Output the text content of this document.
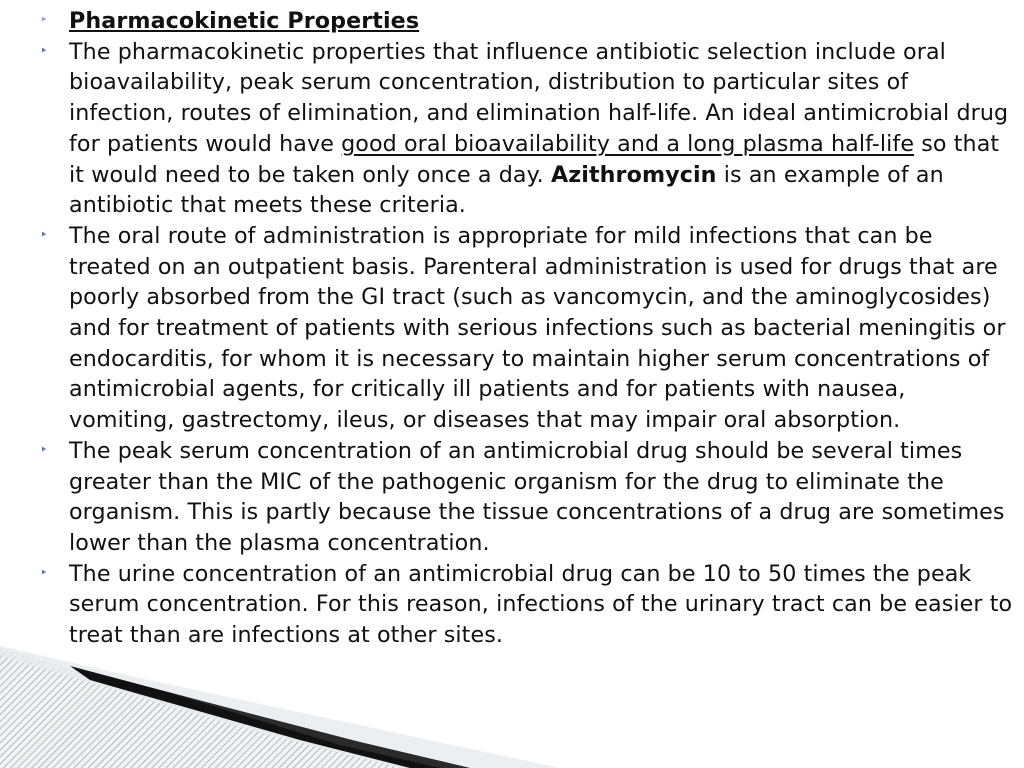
‣ Pharmacokinetic Properties
‣ The pharmacokinetic properties that influence antibiotic selection include oral bioavailability, peak serum concentration, distribution to particular sites of infection, routes of elimination, and elimination half-life. An ideal antimicrobial drug for patients would have good oral bioavailability and a long plasma half-life so that it would need to be taken only once a day. Azithromycin is an example of an antibiotic that meets these criteria.
‣ The oral route of administration is appropriate for mild infections that can be treated on an outpatient basis. Parenteral administration is used for drugs that are poorly absorbed from the GI tract (such as vancomycin, and the aminoglycosides) and for treatment of patients with serious infections such as bacterial meningitis or endocarditis, for whom it is necessary to maintain higher serum concentrations of antimicrobial agents, for critically ill patients and for patients with nausea, vomiting, gastrectomy, ileus, or diseases that may impair oral absorption.
‣ The peak serum concentration of an antimicrobial drug should be several times greater than the MIC of the pathogenic organism for the drug to eliminate the organism. This is partly because the tissue concentrations of a drug are sometimes lower than the plasma concentration.
‣ The urine concentration of an antimicrobial drug can be 10 to 50 times the peak serum concentration. For this reason, infections of the urinary tract can be easier to treat than are infections at other sites.
